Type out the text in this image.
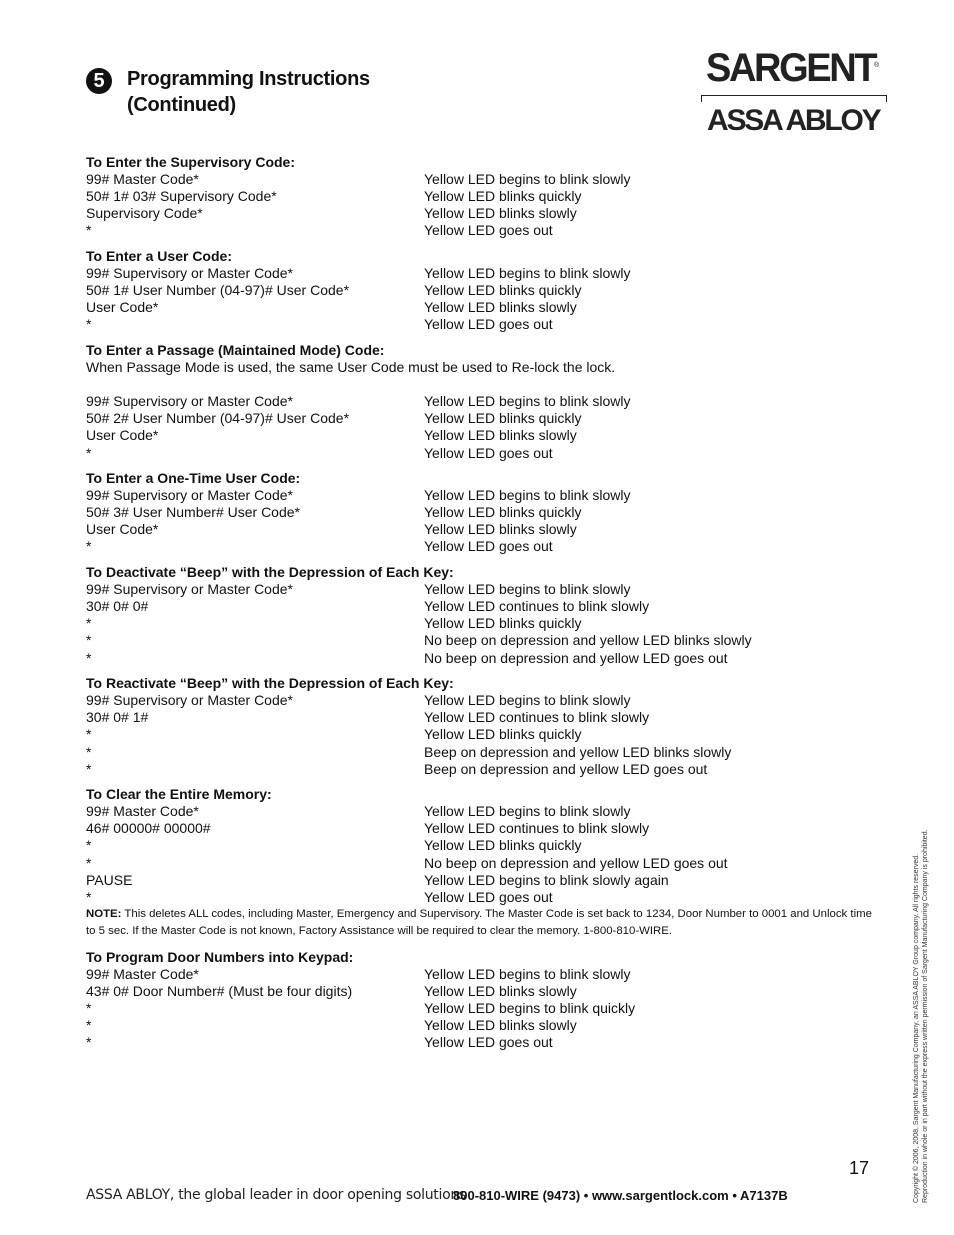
5	Programming Instructions
(Continued)
SARGENT
®
ASSA ABLOY
To Enter the Supervisory Code:
99# Master Code*	Yellow LED begins to blink slowly
50# 1# 03# Supervisory Code*	Yellow LED blinks quickly
Supervisory Code*	Yellow LED blinks slowly
*	Yellow LED goes out
To Enter a User Code:
99# Supervisory or Master Code*	Yellow LED begins to blink slowly
50# 1# User Number (04-97)# User Code*	Yellow LED blinks quickly
User Code*	Yellow LED blinks slowly
*	Yellow LED goes out
To Enter a Passage (Maintained Mode) Code:
When Passage Mode is used, the same User Code must be used to Re-lock the lock.
99# Supervisory or Master Code*	Yellow LED begins to blink slowly
50# 2# User Number (04-97)# User Code*	Yellow LED blinks quickly
User Code*	Yellow LED blinks slowly
*	Yellow LED goes out
To Enter a One-Time User Code:
99# Supervisory or Master Code*	Yellow LED begins to blink slowly
50# 3# User Number# User Code*	Yellow LED blinks quickly
User Code*	Yellow LED blinks slowly
*	Yellow LED goes out
To Deactivate “Beep” with the Depression of Each Key:
99# Supervisory or Master Code*	Yellow LED begins to blink slowly
30# 0# 0#	Yellow LED continues to blink slowly
*	Yellow LED blinks quickly
*	No beep on depression and yellow LED blinks slowly
*	No beep on depression and yellow LED goes out
To Reactivate “Beep” with the Depression of Each Key:
99# Supervisory or Master Code*	Yellow LED begins to blink slowly
30# 0# 1#	Yellow LED continues to blink slowly
*	Yellow LED blinks quickly
*	Beep on depression and yellow LED blinks slowly
*	Beep on depression and yellow LED goes out
To Clear the Entire Memory:
99# Master Code*	Yellow LED begins to blink slowly
46# 00000# 00000#	Yellow LED continues to blink slowly
*	Yellow LED blinks quickly
*	No beep on depression and yellow LED goes out
PAUSE	Yellow LED begins to blink slowly again
*	Yellow LED goes out
NOTE: This deletes ALL codes, including Master, Emergency and Supervisory. The Master Code is set back to 1234, Door Number to 0001 and Unlock time to 5 sec. If the Master Code is not known, Factory Assistance will be required to clear the memory. 1-800-810-WIRE.
To Program Door Numbers into Keypad:
99# Master Code*	Yellow LED begins to blink slowly
43# 0# Door Number# (Must be four digits)	Yellow LED blinks slowly
*	Yellow LED begins to blink quickly
*	Yellow LED blinks slowly
*	Yellow LED goes out
17
ASSA ABLOY, the global leader in door opening solutions
800-810-WIRE (9473) • www.sargentlock.com • A7137B	Copyright © 2006, 2008, Sargent Manufacturing Company, an ASSA ABLOY Group company. All rights reserved. Reproduction in whole or in part without the express written permission of Sargent Manufacturing Company is prohibited.
